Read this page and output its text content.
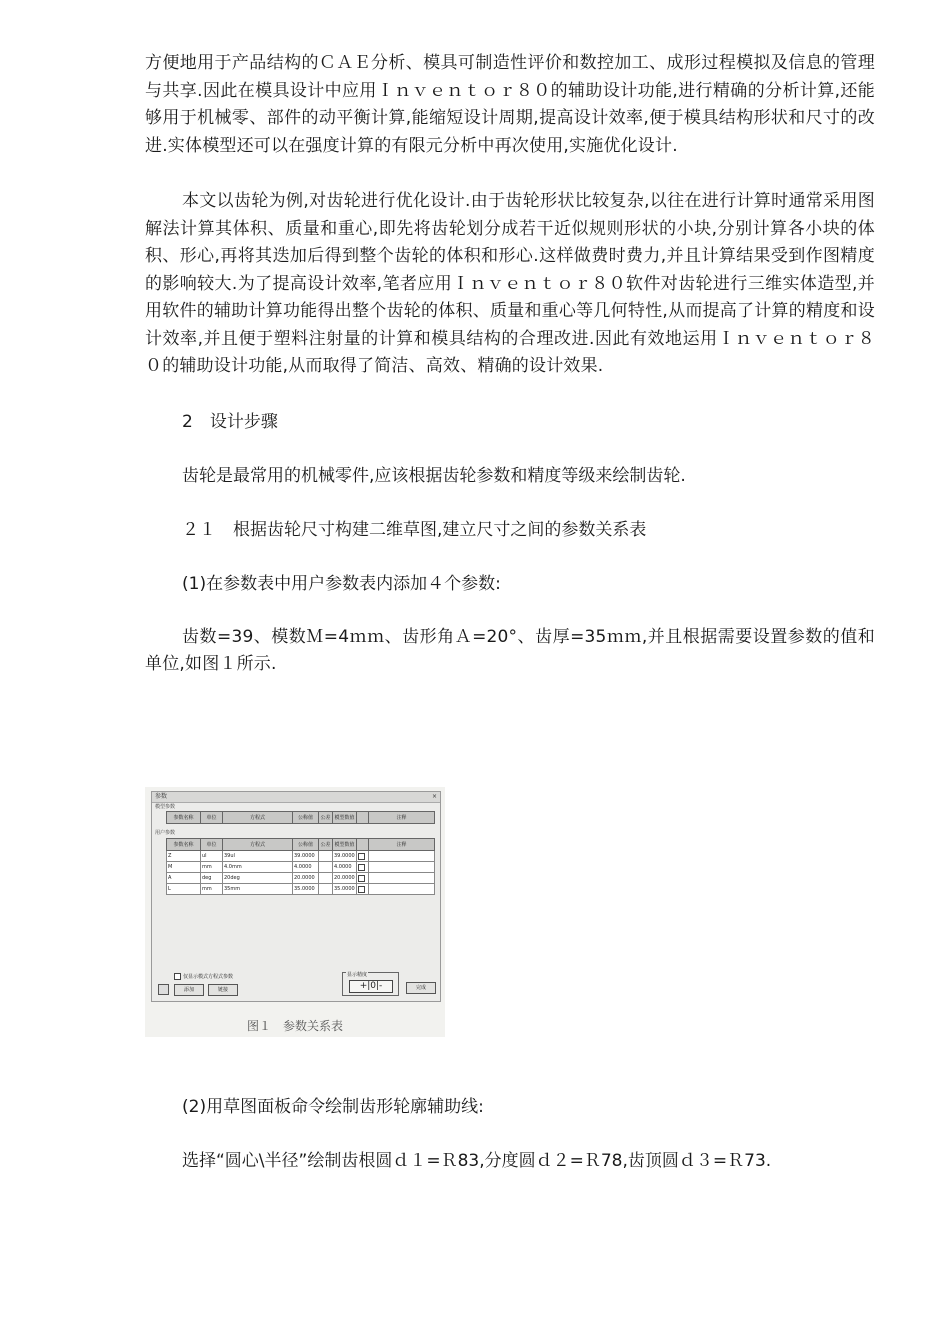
方便地用于产品结构的ＣＡＥ分析、模具可制造性评价和数控加工、成形过程模拟及信息的管理与共享.因此在模具设计中应用Ｉｎｖｅｎｔｏｒ８０的辅助设计功能,进行精确的分析计算,还能够用于机械零、部件的动平衡计算,能缩短设计周期,提高设计效率,便于模具结构形状和尺寸的改进.实体模型还可以在强度计算的有限元分析中再次使用,实施优化设计.

本文以齿轮为例,对齿轮进行优化设计.由于齿轮形状比较复杂,以往在进行计算时通常采用图解法计算其体积、质量和重心,即先将齿轮划分成若干近似规则形状的小块,分别计算各小块的体积、形心,再将其迭加后得到整个齿轮的体积和形心.这样做费时费力,并且计算结果受到作图精度的影响较大.为了提高设计效率,笔者应用Ｉｎｖｅｎｔｏｒ８０软件对齿轮进行三维实体造型,并用软件的辅助计算功能得出整个齿轮的体积、质量和重心等几何特性,从而提高了计算的精度和设计效率,并且便于塑料注射量的计算和模具结构的合理改进.因此有效地运用Ｉｎｖｅｎｔｏｒ８０的辅助设计功能,从而取得了简洁、高效、精确的设计效果.

2　设计步骤

齿轮是最常用的机械零件,应该根据齿轮参数和精度等级来绘制齿轮.

２１　根据齿轮尺寸构建二维草图,建立尺寸之间的参数关系表

(1)在参数表中用户参数表内添加４个参数:

齿数=39、模数Ｍ=4ｍｍ、齿形角Ａ=20°、齿厚=35ｍｍ,并且根据需要设置参数的值和单位,如图１所示.

参数	×
模型参数
参数名称	单位	方程式	公称值	公差	模型数值		注释
用户参数
参数名称	单位	方程式	公称值	公差	模型数值		注释
Z	ul	39ul	39.0000		39.0000		
M	mm	4.0mm	4.0000		4.0000		
A	deg	20deg	20.0000		20.0000		
L	mm	35mm	35.0000		35.0000		
仅显示模式方程式参数
添加	链接
显示精度
+|0|-	完成
图１　参数关系表

(2)用草图面板命令绘制齿形轮廓辅助线:

选择“圆心\半径”绘制齿根圆ｄ１=Ｒ83,分度圆ｄ２=Ｒ78,齿顶圆ｄ３=Ｒ73.
